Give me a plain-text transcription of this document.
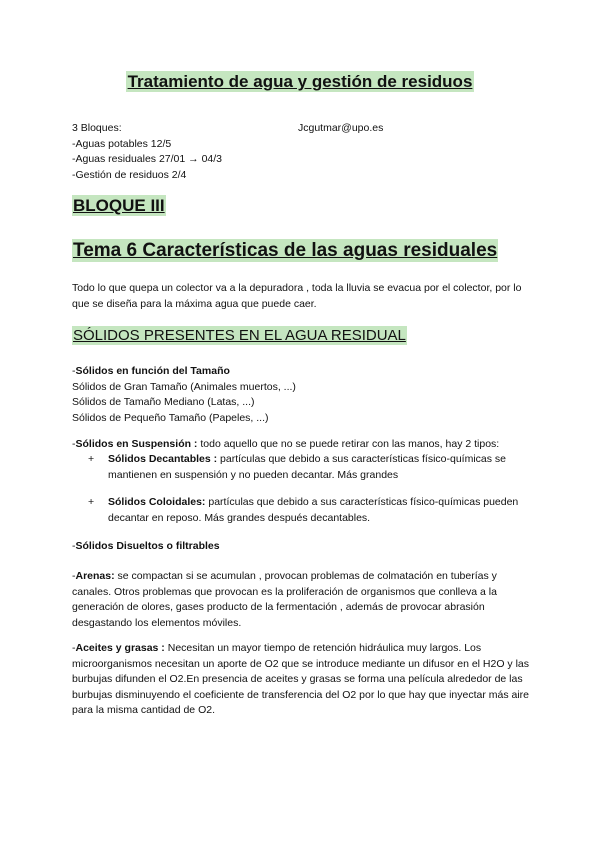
Tratamiento de agua y gestión de residuos
3 Bloques:	Jcgutmar@upo.es
-Aguas potables 12/5
-Aguas residuales 27/01 → 04/3
-Gestión de residuos 2/4
BLOQUE III
Tema 6 Características de las aguas residuales

Todo lo que quepa un colector va a la depuradora , toda la lluvia se evacua por el colector, por lo que se diseña para la máxima agua que puede caer.

SÓLIDOS PRESENTES EN EL AGUA RESIDUAL
-Sólidos en función del Tamaño
Sólidos de Gran Tamaño (Animales muertos, ...)
Sólidos de Tamaño Mediano (Latas, ...)
Sólidos de Pequeño Tamaño (Papeles, ...)
-Sólidos en Suspensión : todo aquello que no se puede retirar con las manos, hay 2 tipos:
+ Sólidos Decantables : partículas que debido a sus características físico-químicas se mantienen en suspensión y no pueden decantar. Más grandes
+ Sólidos Coloidales: partículas que debido a sus características físico-químicas pueden decantar en reposo. Más grandes después decantables.
-Sólidos Disueltos o filtrables
-Arenas: se compactan si se acumulan , provocan problemas de colmatación en tuberías y canales. Otros problemas que provocan es la proliferación de organismos que conlleva a la generación de olores, gases producto de la fermentación , además de provocar abrasión desgastando los elementos móviles.
-Aceites y grasas : Necesitan un mayor tiempo de retención hidráulica muy largos. Los microorganismos necesitan un aporte de O2 que se introduce mediante un difusor en el H2O y las burbujas difunden el O2.En presencia de aceites y grasas se forma una película alrededor de las burbujas disminuyendo el coeficiente de transferencia del O2 por lo que hay que inyectar más aire para la misma cantidad de O2.
